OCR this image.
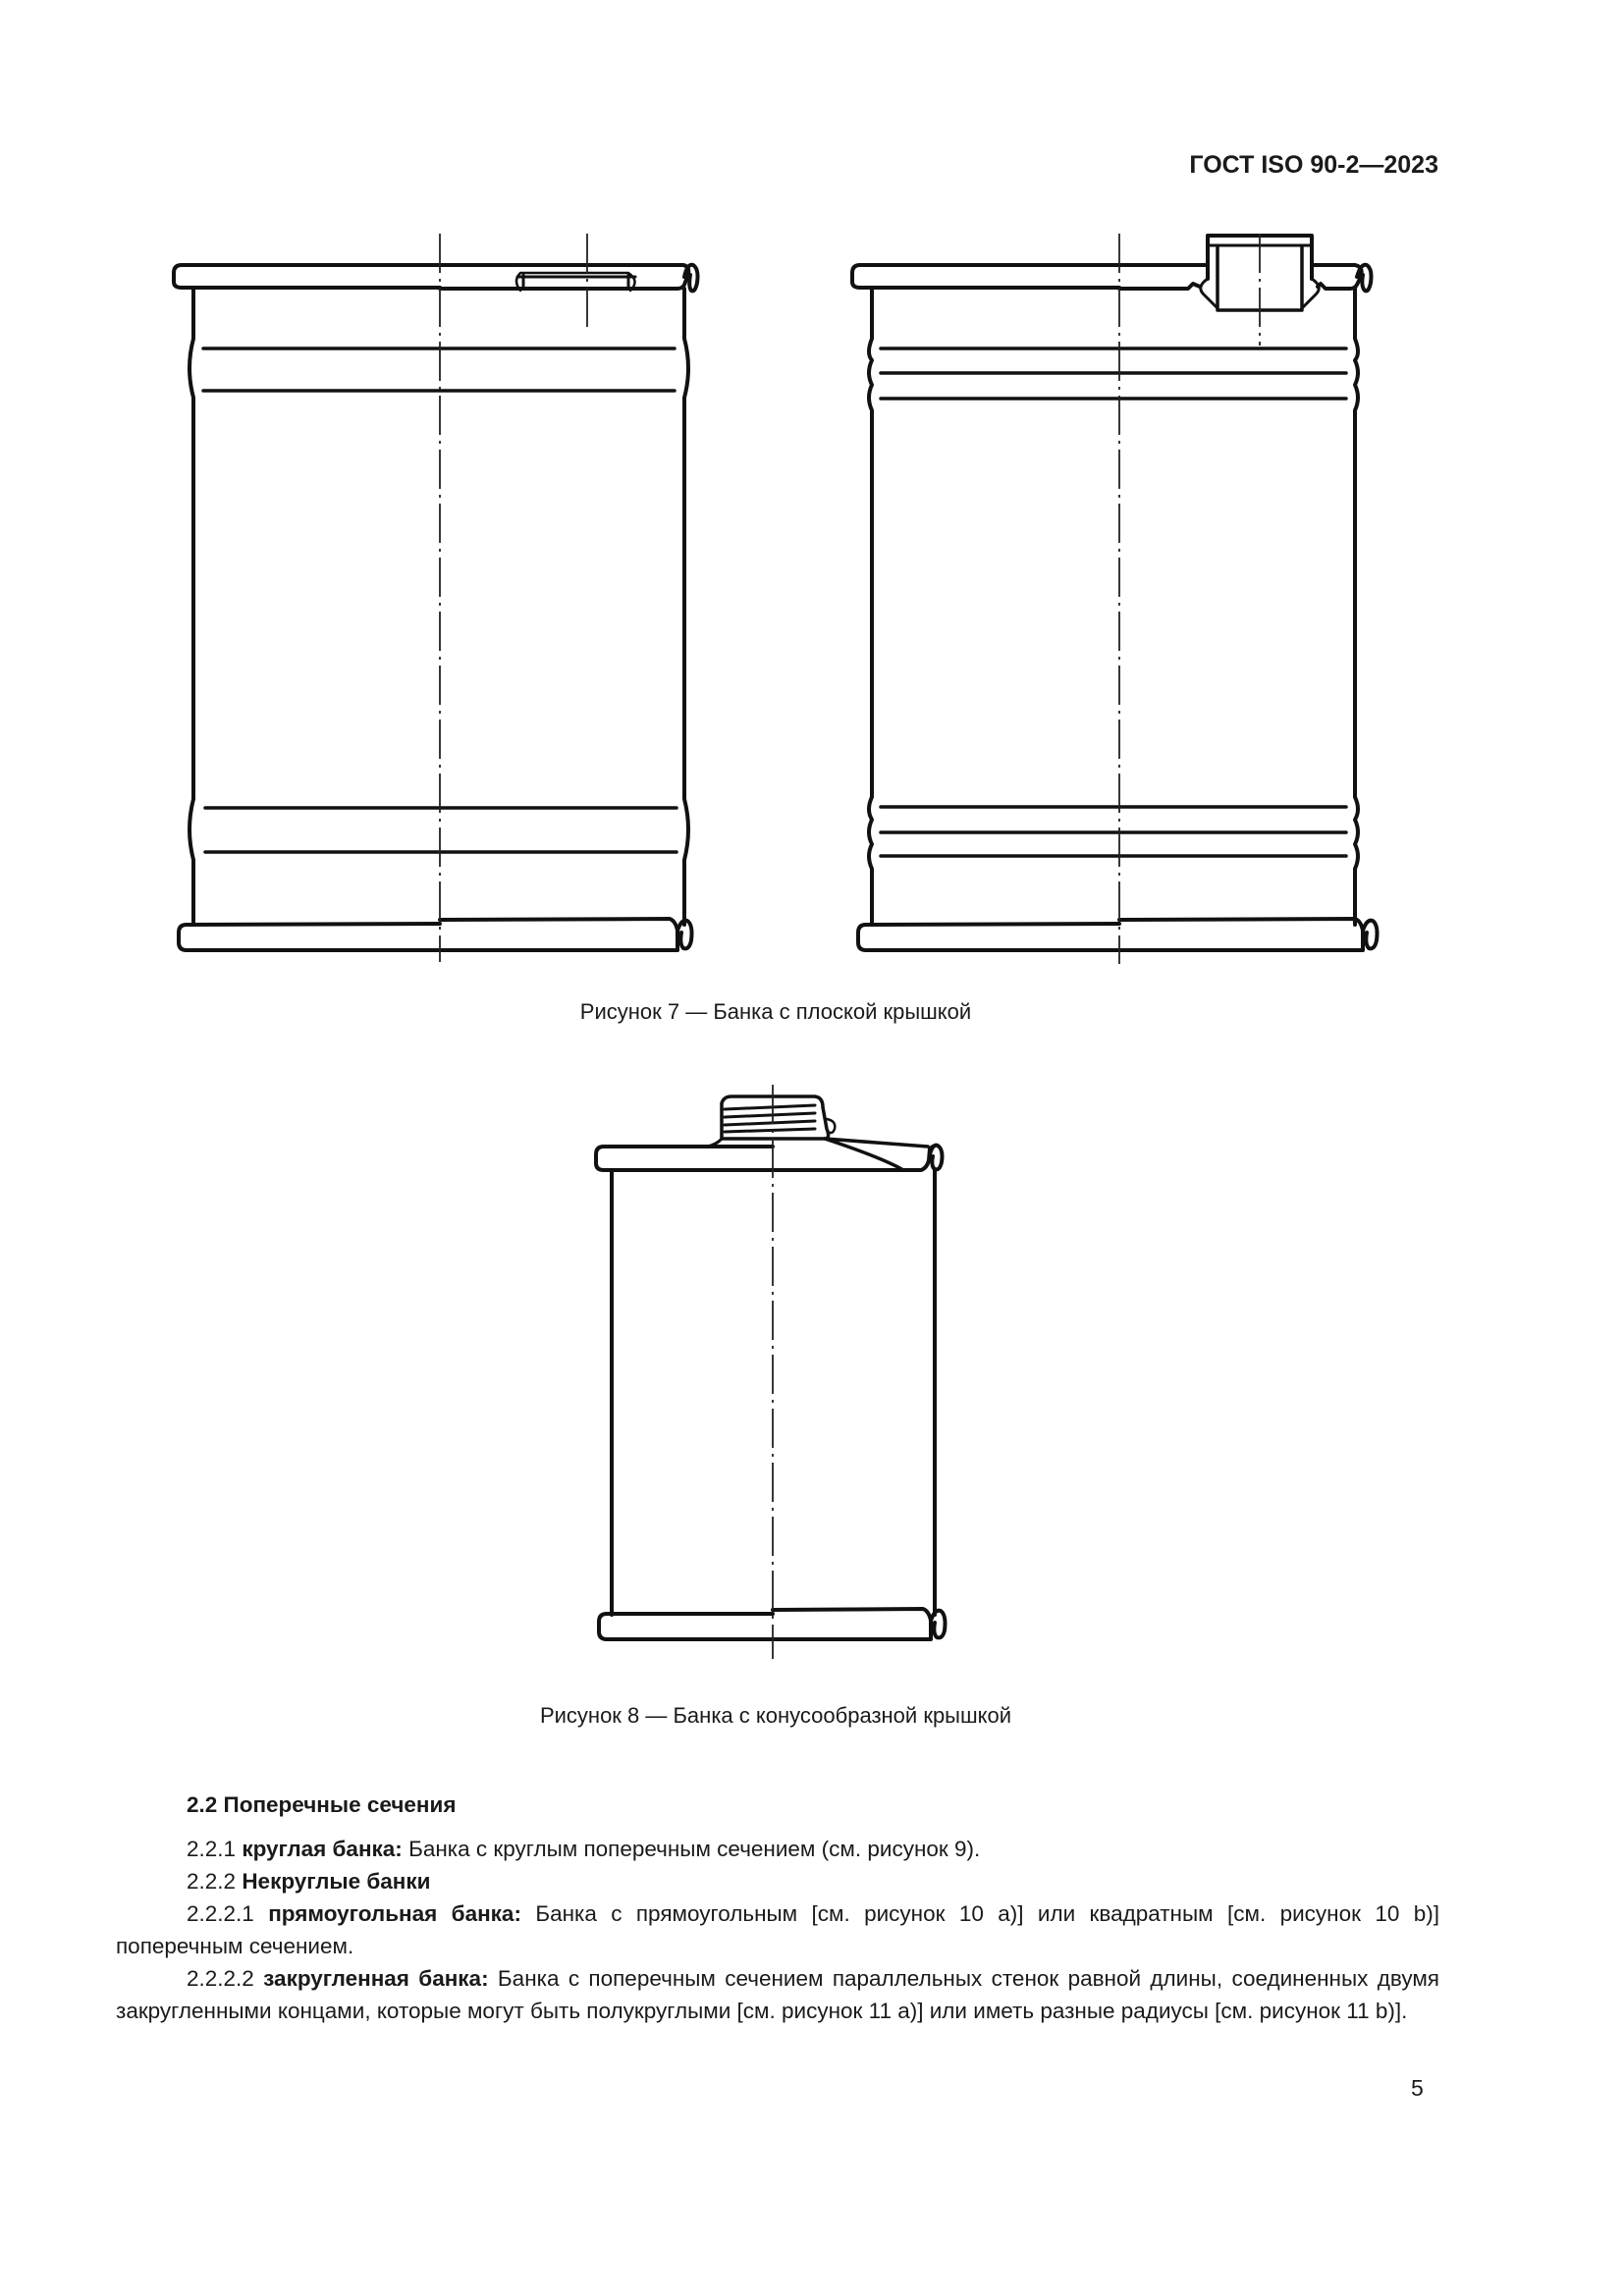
ГОСТ ISO 90-2—2023
Рисунок 7 — Банка с плоской крышкой
Рисунок 8 — Банка с конусообразной крышкой

2.2 Поперечные сечения

2.2.1 круглая банка: Банка с круглым поперечным сечением (см. рисунок 9).

2.2.2 Некруглые банки

2.2.2.1 прямоугольная банка: Банка с прямоугольным [см. рисунок 10 а)] или квадратным [см. рисунок 10 b)] поперечным сечением.

2.2.2.2 закругленная банка: Банка с поперечным сечением параллельных стенок равной длины, соединенных двумя закругленными концами, которые могут быть полукруглыми [см. рисунок 11 а)] или иметь разные радиусы [см. рисунок 11 b)].

5
